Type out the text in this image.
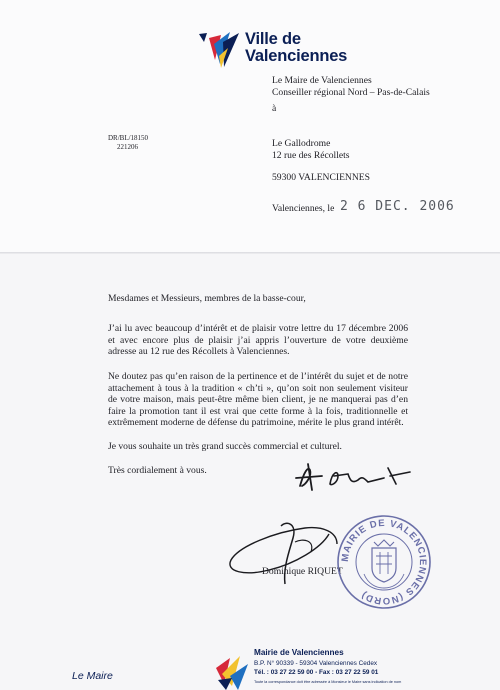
Ville de
Valenciennes
Le Maire de Valenciennes
Conseiller régional Nord – Pas-de-Calais
à
DR/BL/18150
221206	Le Gallodrome
12 rue des Récollets
59300 VALENCIENNES
Valenciennes, le 2 6 DEC. 2006
Mesdames et Messieurs, membres de la basse-cour,
J’ai lu avec beaucoup d’intérêt et de plaisir votre lettre du 17 décembre 2006 et avec encore plus de plaisir j’ai appris l’ouverture de votre deuxième adresse au 12 rue des Récollets à Valenciennes.
Ne doutez pas qu’en raison de la pertinence et de l’intérêt du sujet et de notre attachement à tous à la tradition « ch’ti », qu’on soit non seulement visiteur de votre maison, mais peut-être même bien client, je ne manquerai pas d’en faire la promotion tant il est vrai que cette forme à la fois, traditionnelle et extrêmement moderne de défense du patrimoine, mérite le plus grand intérêt.
Je vous souhaite un très grand succès commercial et culturel.
Très cordialement à vous.
Dominique RIQUET
MAIRIE DE VALENCIENNES (NORD)
Mairie de Valenciennes
B.P. N° 90339 - 59304 Valenciennes Cedex
Tél. : 03 27 22 59 00 - Fax : 03 27 22 59 01
Toute la correspondance doit être adressée à Monsieur le Maire sans indication de nom
Le Maire
